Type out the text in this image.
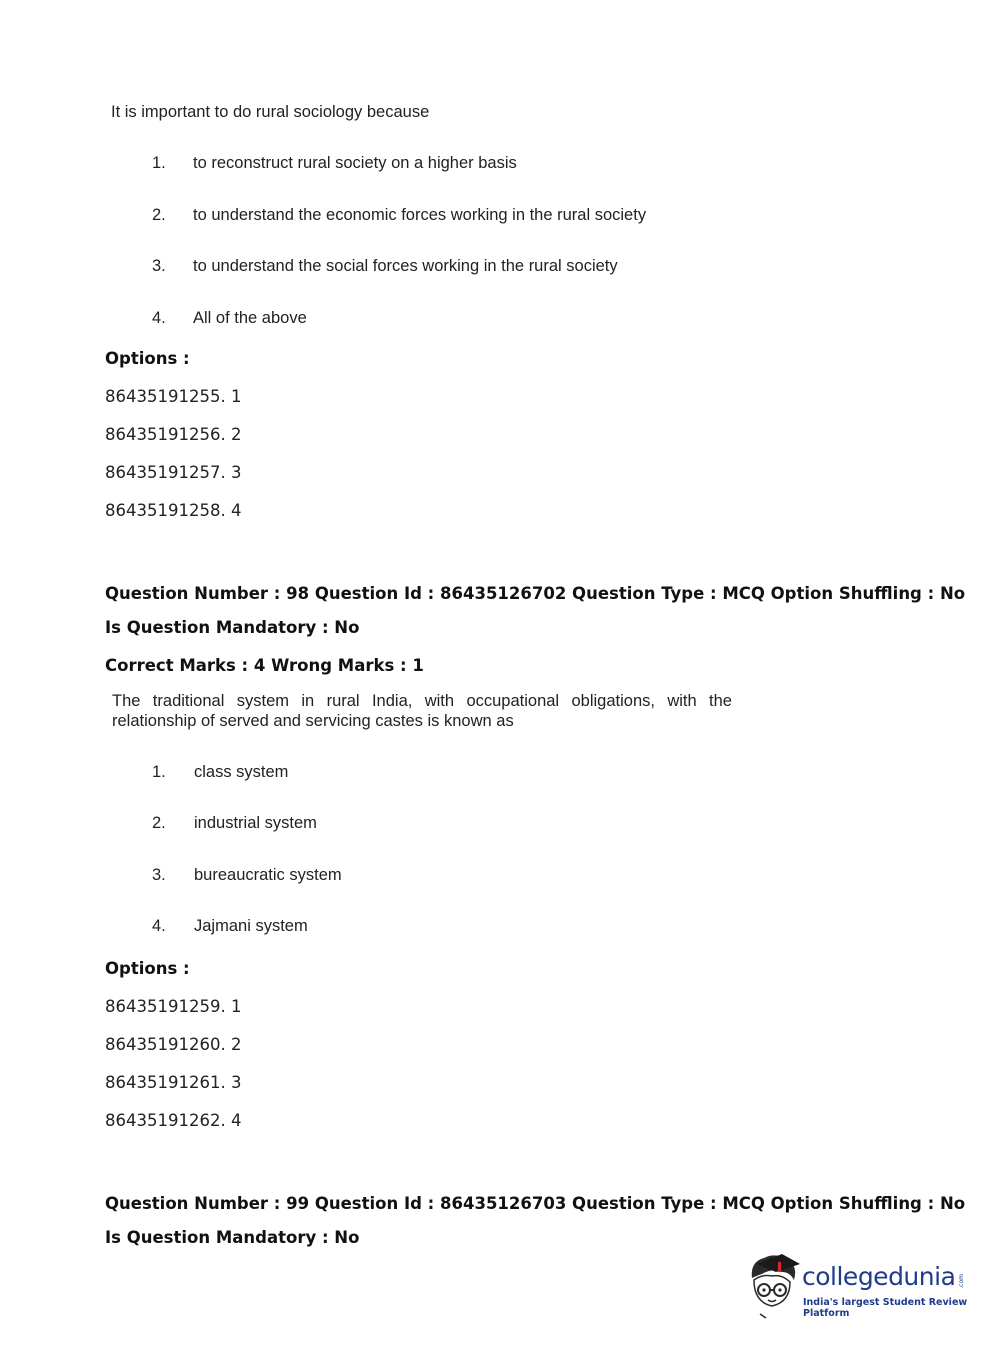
It is important to do rural sociology because
1. to reconstruct rural society on a higher basis
2. to understand the economic forces working in the rural society
3. to understand the social forces working in the rural society
4. All of the above
Options :
86435191255. 1
86435191256. 2
86435191257. 3
86435191258. 4
Question Number : 98 Question Id : 86435126702 Question Type : MCQ Option Shuffling : No
Is Question Mandatory : No
Correct Marks : 4 Wrong Marks : 1
The traditional system in rural India, with occupational obligations, with the relationship of served and servicing castes is known as
1. class system
2. industrial system
3. bureaucratic system
4. Jajmani system
Options :
86435191259. 1
86435191260. 2
86435191261. 3
86435191262. 4
Question Number : 99 Question Id : 86435126703 Question Type : MCQ Option Shuffling : No
Is Question Mandatory : No
collegedunia .com
India's largest Student Review Platform
